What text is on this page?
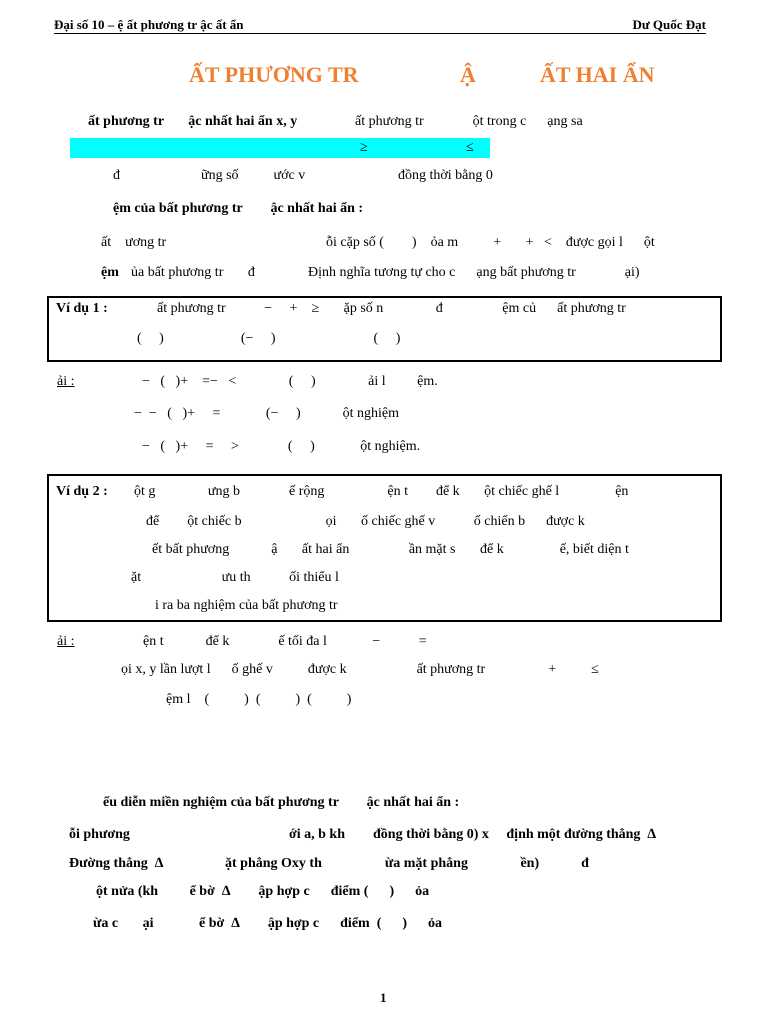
Đại số 10 – ệ ất phương tr ậc ất ẩn	Dư Quốc Đạt
ẤT PHƯƠNG TR	Ậ	ẤT HAI ẨN
ất phương tr       ậc nhất hai ẩn x, y	ất phương tr              ột trong c      ạng sa
≥	≤
đ	ững số          ước v	đồng thời bằng 0
ệm của bất phương tr        ậc nhất hai ẩn :
ất    ương tr	ỗi cặp số (        )    ỏa m          +       +   <    được gọi l      ột
ệm ủa bất phương tr       đ	Định nghĩa tương tự cho c      ạng bất phương tr              ại)
Ví dụ 1 :	ất phương tr           −     +    ≥       ặp số n               đ                 ệm củ      ất phương tr
(     )                      (−     )                            (     )
ải :	−   (   )+    =−   <               (     )               ải l         ệm.
−  −   (   )+     =             (−     )            ột nghiệm
−   (   )+     =     >              (     )             ột nghiệm.
Ví dụ 2 : ột g               ưng b              ế rộng                  ện t        để k       ột chiếc ghế l                ện
để        ột chiếc b                        ọi       ố chiếc ghế v           ố chiến b      được k
ết bất phương            ậ       ất hai ẩn                 ần mặt s       để k                ế, biết diện t
ặt                       ưu th           ối thiểu l
i ra ba nghiệm của bất phương tr
ải :	ện t            để k              ế tối đa l             −           =
ọi x, y lần lượt l      ố ghế v          được k                    ất phương tr                  +          ≤
ệm l    (          )  (          )  (          )
ểu diễn miền nghiệm của bất phương tr        ậc nhất hai ẩn :
ỗi phương	ới a, b kh        đồng thời bằng 0) x     định một đường thẳng  ∆
Đường thẳng  ∆	ặt phẳng Oxy th                  ừa mặt phẳng               ền)            đ
ột nửa (kh         ể bờ  ∆        ập hợp c      điểm (      )      ỏa
ừa c       ại             ể bờ  ∆        ập hợp c      điểm  (      )      ỏa
1
